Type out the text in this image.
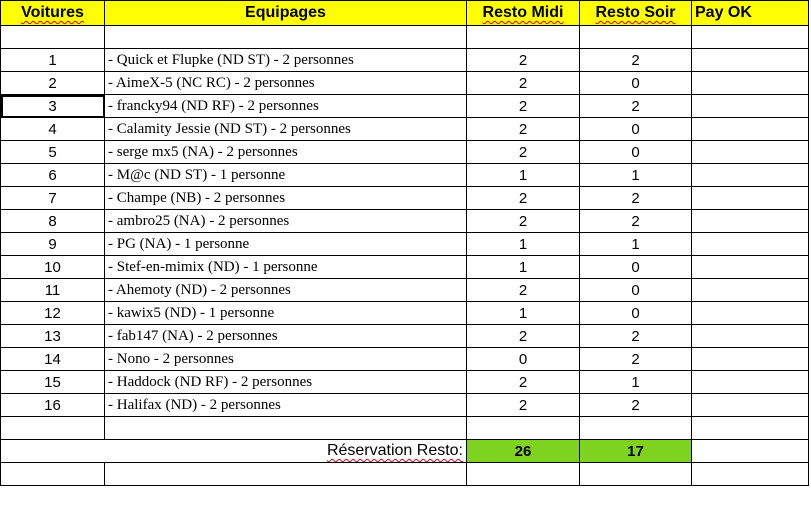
Voitures	Equipages	Resto Midi	Resto Soir	Pay OK

1	- Quick et Flupke (ND ST) - 2 personnes	2	2	
2	- AimeX-5 (NC RC) - 2 personnes	2	0	
3	- francky94 (ND RF) - 2 personnes	2	2	
4	- Calamity Jessie (ND ST) - 2 personnes	2	0	
5	- serge mx5 (NA) - 2 personnes	2	0	
6	- M@c (ND ST) - 1 personne	1	1	
7	- Champe (NB) - 2 personnes	2	2	
8	- ambro25 (NA) - 2 personnes	2	2	
9	- PG (NA) - 1 personne	1	1	
10	- Stef-en-mimix (ND) - 1 personne	1	0	
11	- Ahemoty (ND) - 2 personnes	2	0	
12	- kawix5 (ND) - 1 personne	1	0	
13	- fab147 (NA) - 2 personnes	2	2	
14	- Nono - 2 personnes	0	2	
15	- Haddock (ND RF) - 2 personnes	2	1	
16	- Halifax (ND) - 2 personnes	2	2	

	Réservation Resto:	26	17	
